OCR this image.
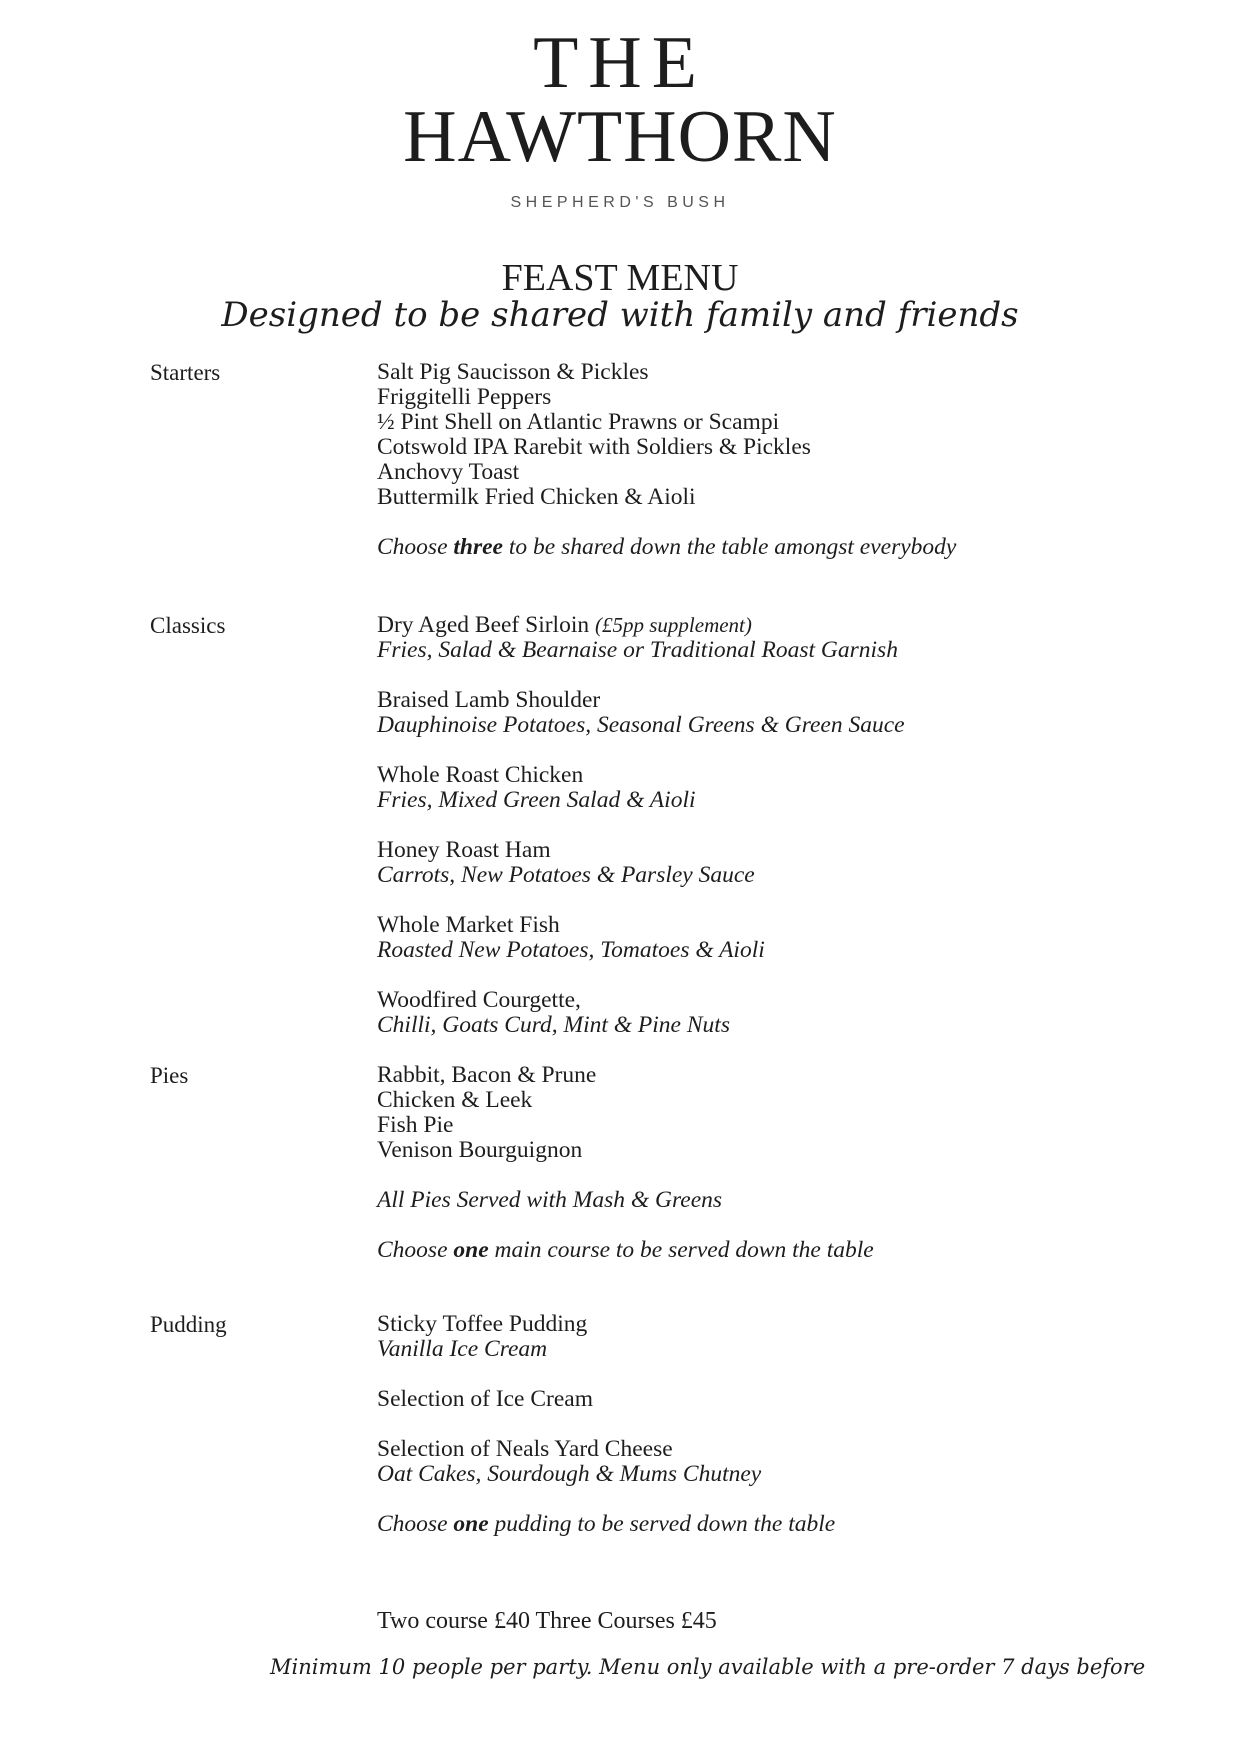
THE
HAWTHORN
SHEPHERD'S BUSH
FEAST MENU
Designed to be shared with family and friends
Starters	Salt Pig Saucisson & Pickles
Friggitelli Peppers
½ Pint Shell on Atlantic Prawns or Scampi
Cotswold IPA Rarebit with Soldiers & Pickles
Anchovy Toast
Buttermilk Fried Chicken & Aioli
Choose three to be shared down the table amongst everybody
Classics	Dry Aged Beef Sirloin (£5pp supplement)
Fries, Salad & Bearnaise or Traditional Roast Garnish
Braised Lamb Shoulder
Dauphinoise Potatoes, Seasonal Greens & Green Sauce
Whole Roast Chicken
Fries, Mixed Green Salad & Aioli
Honey Roast Ham
Carrots, New Potatoes & Parsley Sauce
Whole Market Fish
Roasted New Potatoes, Tomatoes & Aioli
Woodfired Courgette,
Chilli, Goats Curd, Mint & Pine Nuts
Pies	Rabbit, Bacon & Prune
Chicken & Leek
Fish Pie
Venison Bourguignon
All Pies Served with Mash & Greens
Choose one main course to be served down the table
Pudding	Sticky Toffee Pudding
Vanilla Ice Cream
Selection of Ice Cream
Selection of Neals Yard Cheese
Oat Cakes, Sourdough & Mums Chutney
Choose one pudding to be served down the table
Two course £40 Three Courses £45
Minimum 10 people per party. Menu only available with a pre-order 7 days before
